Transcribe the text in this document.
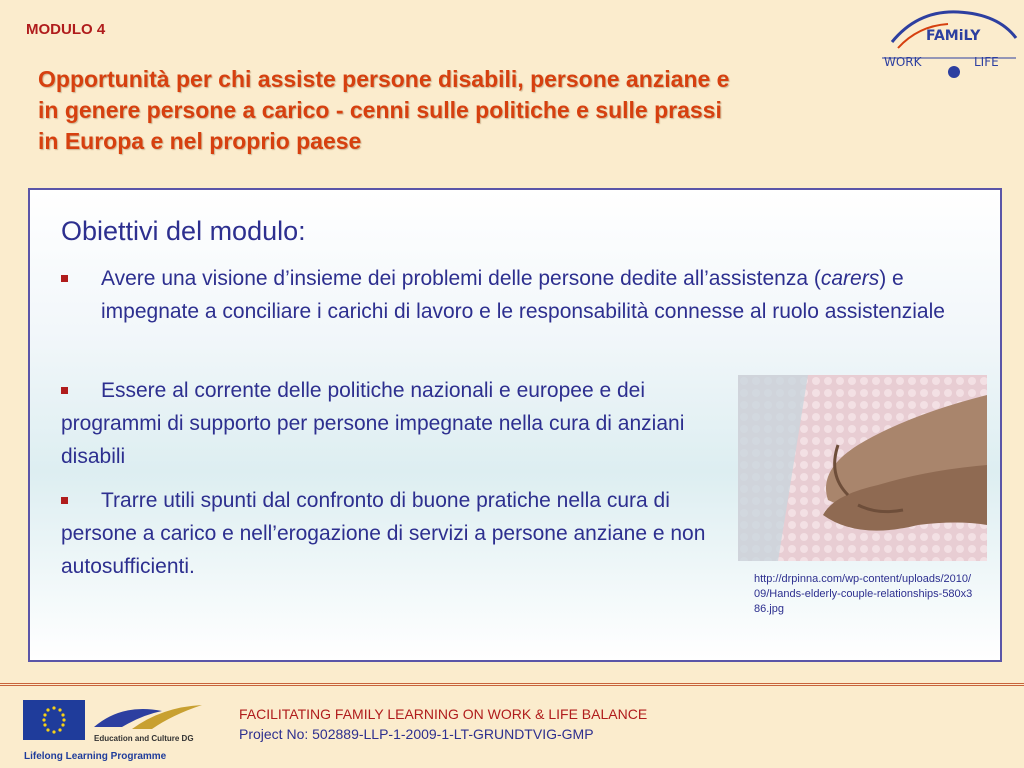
MODULO 4
Opportunità per chi assiste persone disabili, persone anziane e
in genere persone a carico - cenni sulle politiche e sulle prassi
in Europa e nel proprio paese
FAMiLY
WORK	LIFE
Obiettivi del modulo:
Avere una visione d’insieme dei problemi delle persone dedite all’assistenza (carers) e impegnate a conciliare i carichi di lavoro e le responsabilità connesse al ruolo assistenziale
Essere al corrente delle politiche nazionali e europee e dei programmi di supporto per persone impegnate nella cura di anziani disabili
Trarre utili spunti dal confronto di buone pratiche nella cura di persone a carico e nell’erogazione di servizi a persone anziane e non autosufficienti.
http://drpinna.com/wp-content/uploads/2010/09/Hands-elderly-couple-relationships-580x386.jpg
Education and Culture DG
Lifelong Learning Programme
FACILITATING FAMILY LEARNING ON WORK & LIFE BALANCE
Project No: 502889-LLP-1-2009-1-LT-GRUNDTVIG-GMP
